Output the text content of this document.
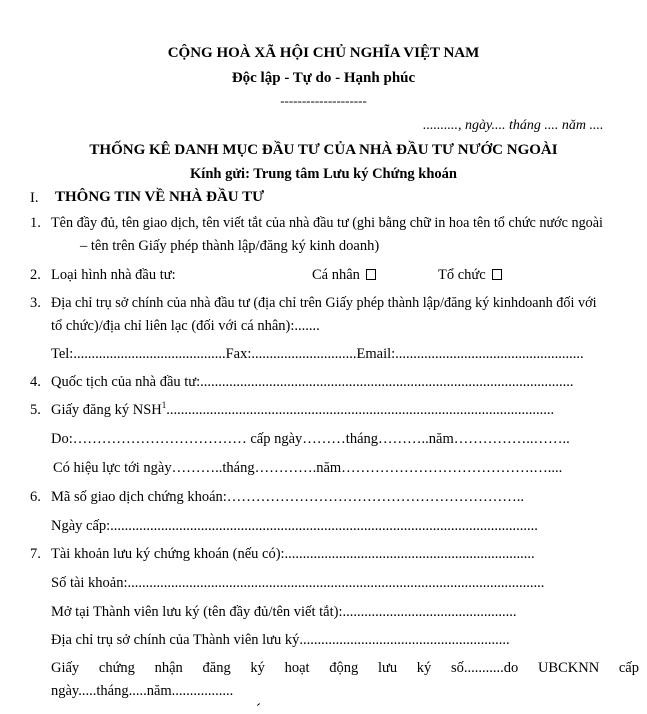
CỘNG HOÀ XÃ HỘI CHỦ NGHĨA VIỆT NAM
Độc lập - Tự do - Hạnh phúc
--------------------
.........., ngày.... tháng .... năm ....
THỐNG KÊ DANH MỤC ĐẦU TƯ CỦA NHÀ ĐẦU TƯ NƯỚC NGOÀI
Kính gửi: Trung tâm Lưu ký Chứng khoán
I. THÔNG TIN VỀ NHÀ ĐẦU TƯ
1. Tên đầy đủ, tên giao dịch, tên viết tắt của nhà đầu tư (ghi bằng chữ in hoa tên tổ chức nước ngoài
– tên trên Giấy phép thành lập/đăng ký kinh doanh)
2. Loại hình nhà đầu tư:	Cá nhân	Tổ chức
3. Địa chỉ trụ sở chính của nhà đầu tư (địa chỉ trên Giấy phép thành lập/đăng ký kinhdoanh đối với
tổ chức)/địa chỉ liên lạc (đối với cá nhân):.......
Tel:..........................................Fax:.............................Email:....................................................
4. Quốc tịch của nhà đầu tư:.......................................................................................................
5. Giấy đăng ký NSH$^1$...........................................................................................................
Do:……………………………… cấp ngày………tháng………..năm……………..……..
Có hiệu lực tới ngày………..tháng………….năm………………………………….…....
6. Mã số giao dịch chứng khoán:……………………………………………………..
Ngày cấp:......................................................................................................................
7. Tài khoản lưu ký chứng khoán (nếu có):.....................................................................
Số tài khoản:...................................................................................................................
Mở tại Thành viên lưu ký (tên đầy đủ/tên viết tắt):................................................
Địa chỉ trụ sở chính của Thành viên lưu ký..........................................................
Giấy chứng nhận đăng ký hoạt động lưu ký số...........do UBCKNN cấp
ngày.....tháng.....năm.................
